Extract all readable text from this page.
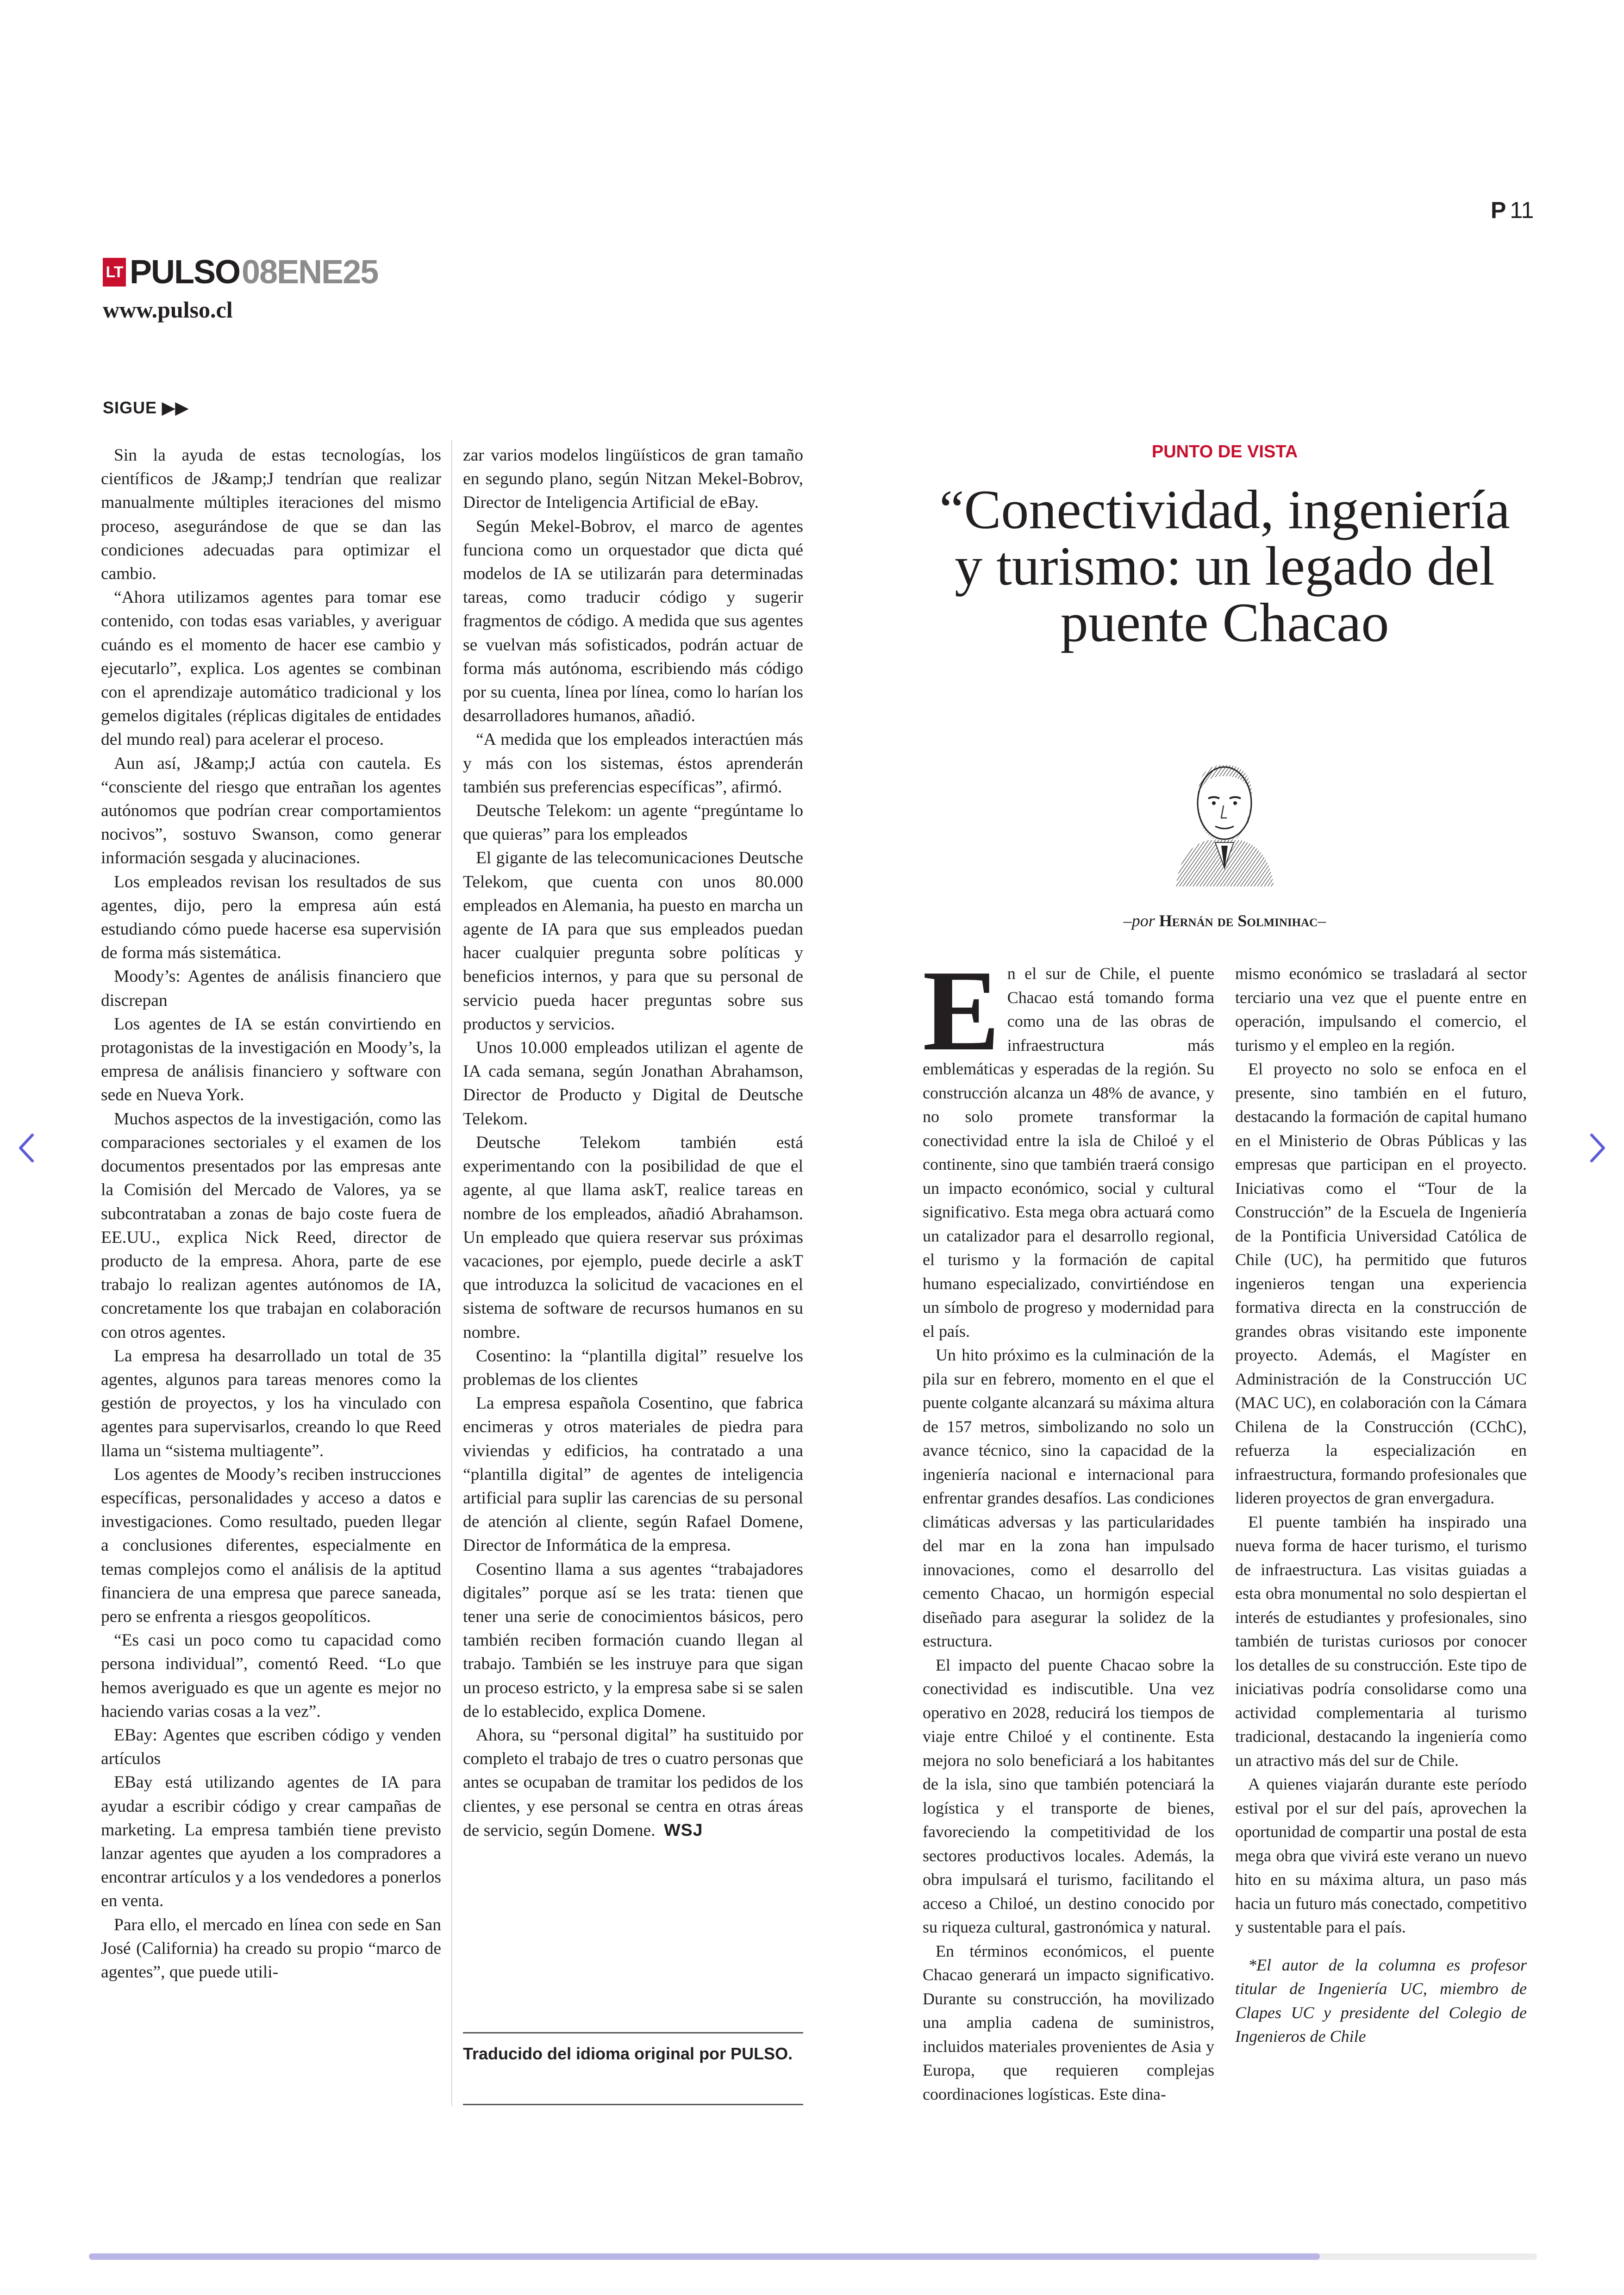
P 11
LT PULSO 08ENE25
www.pulso.cl
SIGUE ▶▶

Sin la ayuda de estas tecnologías, los científicos de J&amp;J tendrían que realizar manualmente múltiples iteraciones del mismo proceso, asegurándose de que se dan las condiciones adecuadas para optimizar el cambio.

“Ahora utilizamos agentes para tomar ese contenido, con todas esas variables, y averiguar cuándo es el momento de hacer ese cambio y ejecutarlo”, explica. Los agentes se combinan con el aprendizaje automático tradicional y los gemelos digitales (réplicas digitales de entidades del mundo real) para acelerar el proceso.

Aun así, J&amp;J actúa con cautela. Es “consciente del riesgo que entrañan los agentes autónomos que podrían crear comportamientos nocivos”, sostuvo Swanson, como generar información sesgada y alucinaciones.

Los empleados revisan los resultados de sus agentes, dijo, pero la empresa aún está estudiando cómo puede hacerse esa supervisión de forma más sistemática.

Moody’s: Agentes de análisis financiero que discrepan

Los agentes de IA se están convirtiendo en protagonistas de la investigación en Moody’s, la empresa de análisis financiero y software con sede en Nueva York.

Muchos aspectos de la investigación, como las comparaciones sectoriales y el examen de los documentos presentados por las empresas ante la Comisión del Mercado de Valores, ya se subcontrataban a zonas de bajo coste fuera de EE.UU., explica Nick Reed, director de producto de la empresa. Ahora, parte de ese trabajo lo realizan agentes autónomos de IA, concretamente los que trabajan en colaboración con otros agentes.

La empresa ha desarrollado un total de 35 agentes, algunos para tareas menores como la gestión de proyectos, y los ha vinculado con agentes para supervisarlos, creando lo que Reed llama un “sistema multiagente”.

Los agentes de Moody’s reciben instrucciones específicas, personalidades y acceso a datos e investigaciones. Como resultado, pueden llegar a conclusiones diferentes, especialmente en temas complejos como el análisis de la aptitud financiera de una empresa que parece saneada, pero se enfrenta a riesgos geopolíticos.

“Es casi un poco como tu capacidad como persona individual”, comentó Reed. “Lo que hemos averiguado es que un agente es mejor no haciendo varias cosas a la vez”.

EBay: Agentes que escriben código y venden artículos

EBay está utilizando agentes de IA para ayudar a escribir código y crear campañas de marketing. La empresa también tiene previsto lanzar agentes que ayuden a los compradores a encontrar artículos y a los vendedores a ponerlos en venta.

Para ello, el mercado en línea con sede en San José (California) ha creado su propio “marco de agentes”, que puede utili-

zar varios modelos lingüísticos de gran tamaño en segundo plano, según Nitzan Mekel-Bobrov, Director de Inteligencia Artificial de eBay.

Según Mekel-Bobrov, el marco de agentes funciona como un orquestador que dicta qué modelos de IA se utilizarán para determinadas tareas, como traducir código y sugerir fragmentos de código. A medida que sus agentes se vuelvan más sofisticados, podrán actuar de forma más autónoma, escribiendo más código por su cuenta, línea por línea, como lo harían los desarrolladores humanos, añadió.

“A medida que los empleados interactúen más y más con los sistemas, éstos aprenderán también sus preferencias específicas”, afirmó.

Deutsche Telekom: un agente “pregúntame lo que quieras” para los empleados

El gigante de las telecomunicaciones Deutsche Telekom, que cuenta con unos 80.000 empleados en Alemania, ha puesto en marcha un agente de IA para que sus empleados puedan hacer cualquier pregunta sobre políticas y beneficios internos, y para que su personal de servicio pueda hacer preguntas sobre sus productos y servicios.

Unos 10.000 empleados utilizan el agente de IA cada semana, según Jonathan Abrahamson, Director de Producto y Digital de Deutsche Telekom.

Deutsche Telekom también está experimentando con la posibilidad de que el agente, al que llama askT, realice tareas en nombre de los empleados, añadió Abrahamson. Un empleado que quiera reservar sus próximas vacaciones, por ejemplo, puede decirle a askT que introduzca la solicitud de vacaciones en el sistema de software de recursos humanos en su nombre.

Cosentino: la “plantilla digital” resuelve los problemas de los clientes

La empresa española Cosentino, que fabrica encimeras y otros materiales de piedra para viviendas y edificios, ha contratado a una “plantilla digital” de agentes de inteligencia artificial para suplir las carencias de su personal de atención al cliente, según Rafael Domene, Director de Informática de la empresa.

Cosentino llama a sus agentes “trabajadores digitales” porque así se les trata: tienen que tener una serie de conocimientos básicos, pero también reciben formación cuando llegan al trabajo. También se les instruye para que sigan un proceso estricto, y la empresa sabe si se salen de lo establecido, explica Domene.

Ahora, su “personal digital” ha sustituido por completo el trabajo de tres o cuatro personas que antes se ocupaban de tramitar los pedidos de los clientes, y ese personal se centra en otras áreas de servicio, según Domene. WSJ

Traducido del idioma original por PULSO.
PUNTO DE VISTA
“Conectividad, ingeniería y turismo: un legado del puente Chacao
–por Hernán de Solminihac–

En el sur de Chile, el puente Chacao está tomando forma como una de las obras de infraestructura más emblemáticas y esperadas de la región. Su construcción alcanza un 48% de avance, y no solo promete transformar la conectividad entre la isla de Chiloé y el continente, sino que también traerá consigo un impacto económico, social y cultural significativo. Esta mega obra actuará como un catalizador para el desarrollo regional, el turismo y la formación de capital humano especializado, convirtiéndose en un símbolo de progreso y modernidad para el país.

Un hito próximo es la culminación de la pila sur en febrero, momento en el que el puente colgante alcanzará su máxima altura de 157 metros, simbolizando no solo un avance técnico, sino la capacidad de la ingeniería nacional e internacional para enfrentar grandes desafíos. Las condiciones climáticas adversas y las particularidades del mar en la zona han impulsado innovaciones, como el desarrollo del cemento Chacao, un hormigón especial diseñado para asegurar la solidez de la estructura.

El impacto del puente Chacao sobre la conectividad es indiscutible. Una vez operativo en 2028, reducirá los tiempos de viaje entre Chiloé y el continente. Esta mejora no solo beneficiará a los habitantes de la isla, sino que también potenciará la logística y el transporte de bienes, favoreciendo la competitividad de los sectores productivos locales. Además, la obra impulsará el turismo, facilitando el acceso a Chiloé, un destino conocido por su riqueza cultural, gastronómica y natural.

En términos económicos, el puente Chacao generará un impacto significativo. Durante su construcción, ha movilizado una amplia cadena de suministros, incluidos materiales provenientes de Asia y Europa, que requieren complejas coordinaciones logísticas. Este dina-

mismo económico se trasladará al sector terciario una vez que el puente entre en operación, impulsando el comercio, el turismo y el empleo en la región.

El proyecto no solo se enfoca en el presente, sino también en el futuro, destacando la formación de capital humano en el Ministerio de Obras Públicas y las empresas que participan en el proyecto. Iniciativas como el “Tour de la Construcción” de la Escuela de Ingeniería de la Pontificia Universidad Católica de Chile (UC), ha permitido que futuros ingenieros tengan una experiencia formativa directa en la construcción de grandes obras visitando este imponente proyecto. Además, el Magíster en Administración de la Construcción UC (MAC UC), en colaboración con la Cámara Chilena de la Construcción (CChC), refuerza la especialización en infraestructura, formando profesionales que lideren proyectos de gran envergadura.

El puente también ha inspirado una nueva forma de hacer turismo, el turismo de infraestructura. Las visitas guiadas a esta obra monumental no solo despiertan el interés de estudiantes y profesionales, sino también de turistas curiosos por conocer los detalles de su construcción. Este tipo de iniciativas podría consolidarse como una actividad complementaria al turismo tradicional, destacando la ingeniería como un atractivo más del sur de Chile.

A quienes viajarán durante este período estival por el sur del país, aprovechen la oportunidad de compartir una postal de esta mega obra que vivirá este verano un nuevo hito en su máxima altura, un paso más hacia un futuro más conectado, competitivo y sustentable para el país.

*El autor de la columna es profesor titular de Ingeniería UC, miembro de Clapes UC y presidente del Colegio de Ingenieros de Chile
